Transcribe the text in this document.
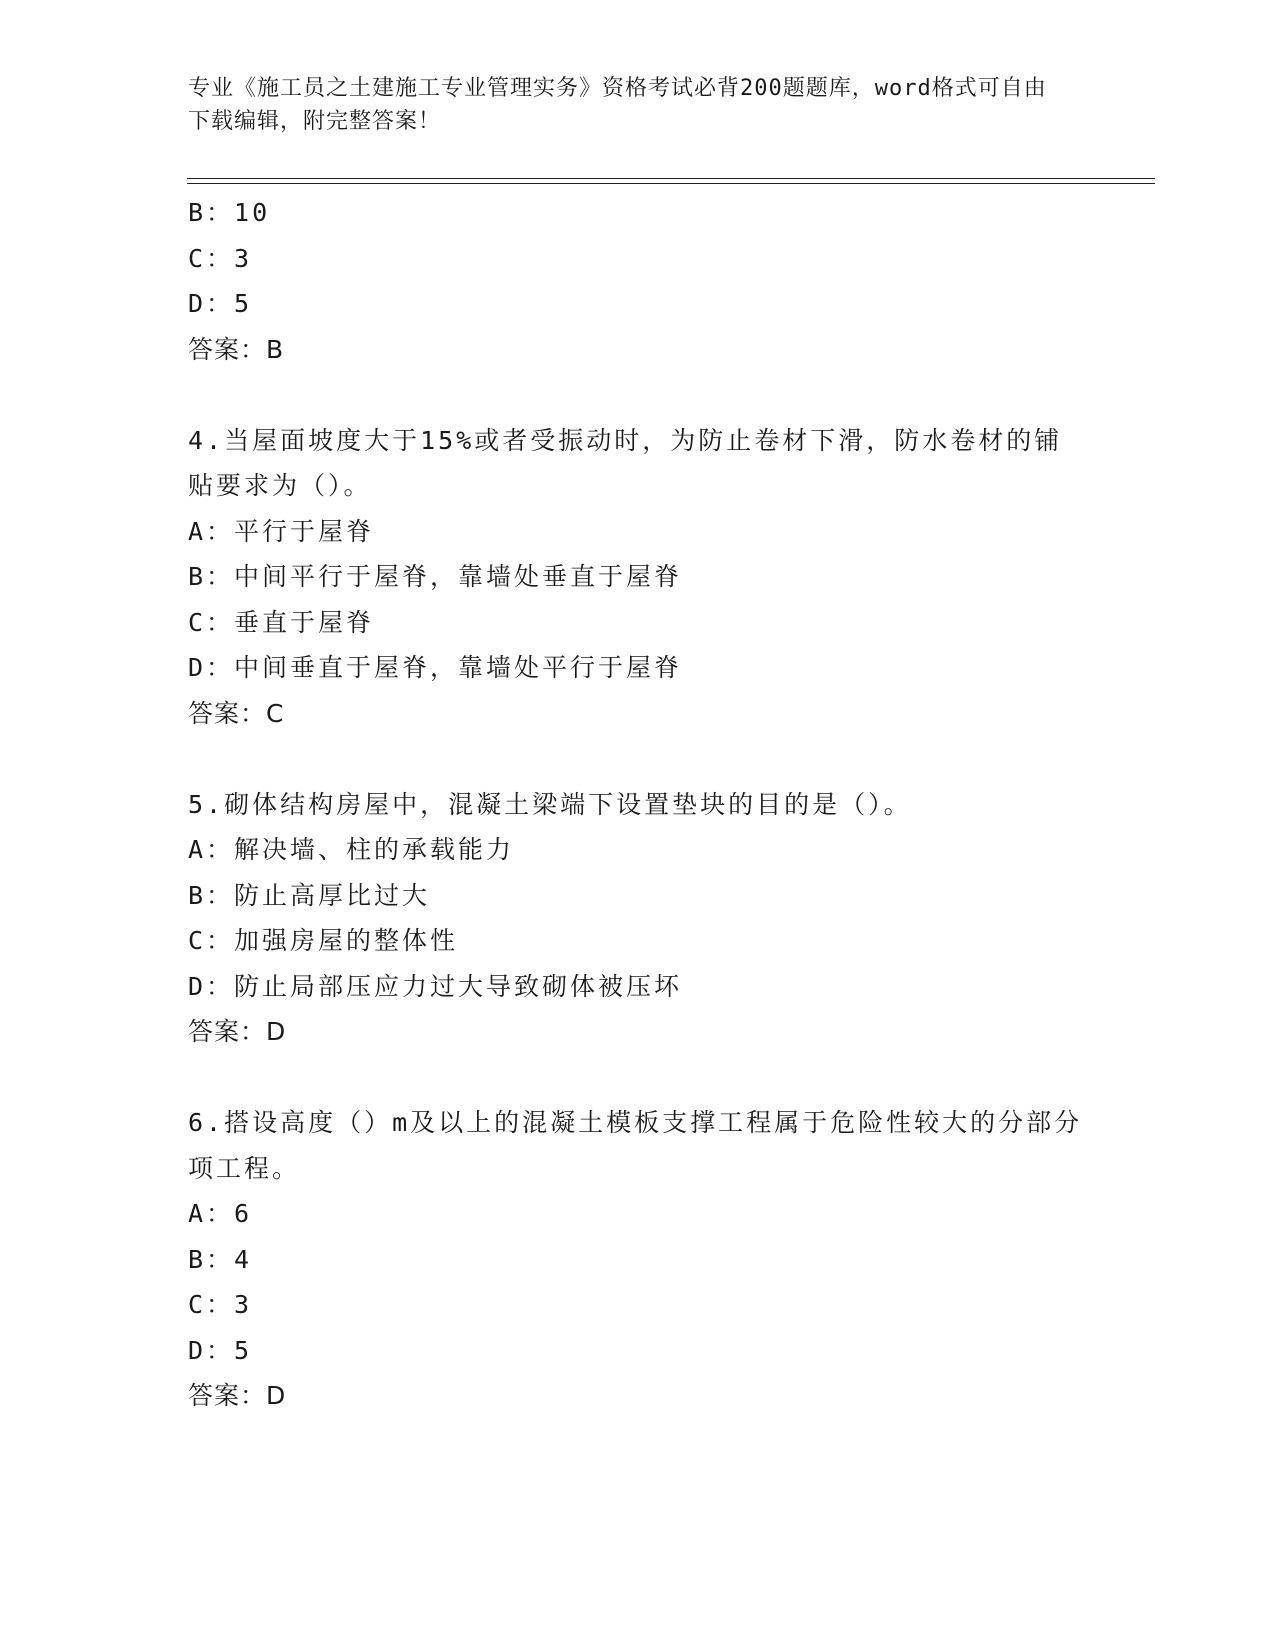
专业《施工员之土建施工专业管理实务》资格考试必背200题题库，word格式可自由下载编辑，附完整答案！
B：10
C：3
D：5
答案：B
4.当屋面坡度大于15%或者受振动时，为防止卷材下滑，防水卷材的铺贴要求为（）。
A：平行于屋脊
B：中间平行于屋脊，靠墙处垂直于屋脊
C：垂直于屋脊
D：中间垂直于屋脊，靠墙处平行于屋脊
答案：C
5.砌体结构房屋中，混凝土梁端下设置垫块的目的是（）。
A：解决墙、柱的承载能力
B：防止高厚比过大
C：加强房屋的整体性
D：防止局部压应力过大导致砌体被压坏
答案：D
6.搭设高度（）m及以上的混凝土模板支撑工程属于危险性较大的分部分项工程。
A：6
B：4
C：3
D：5
答案：D
